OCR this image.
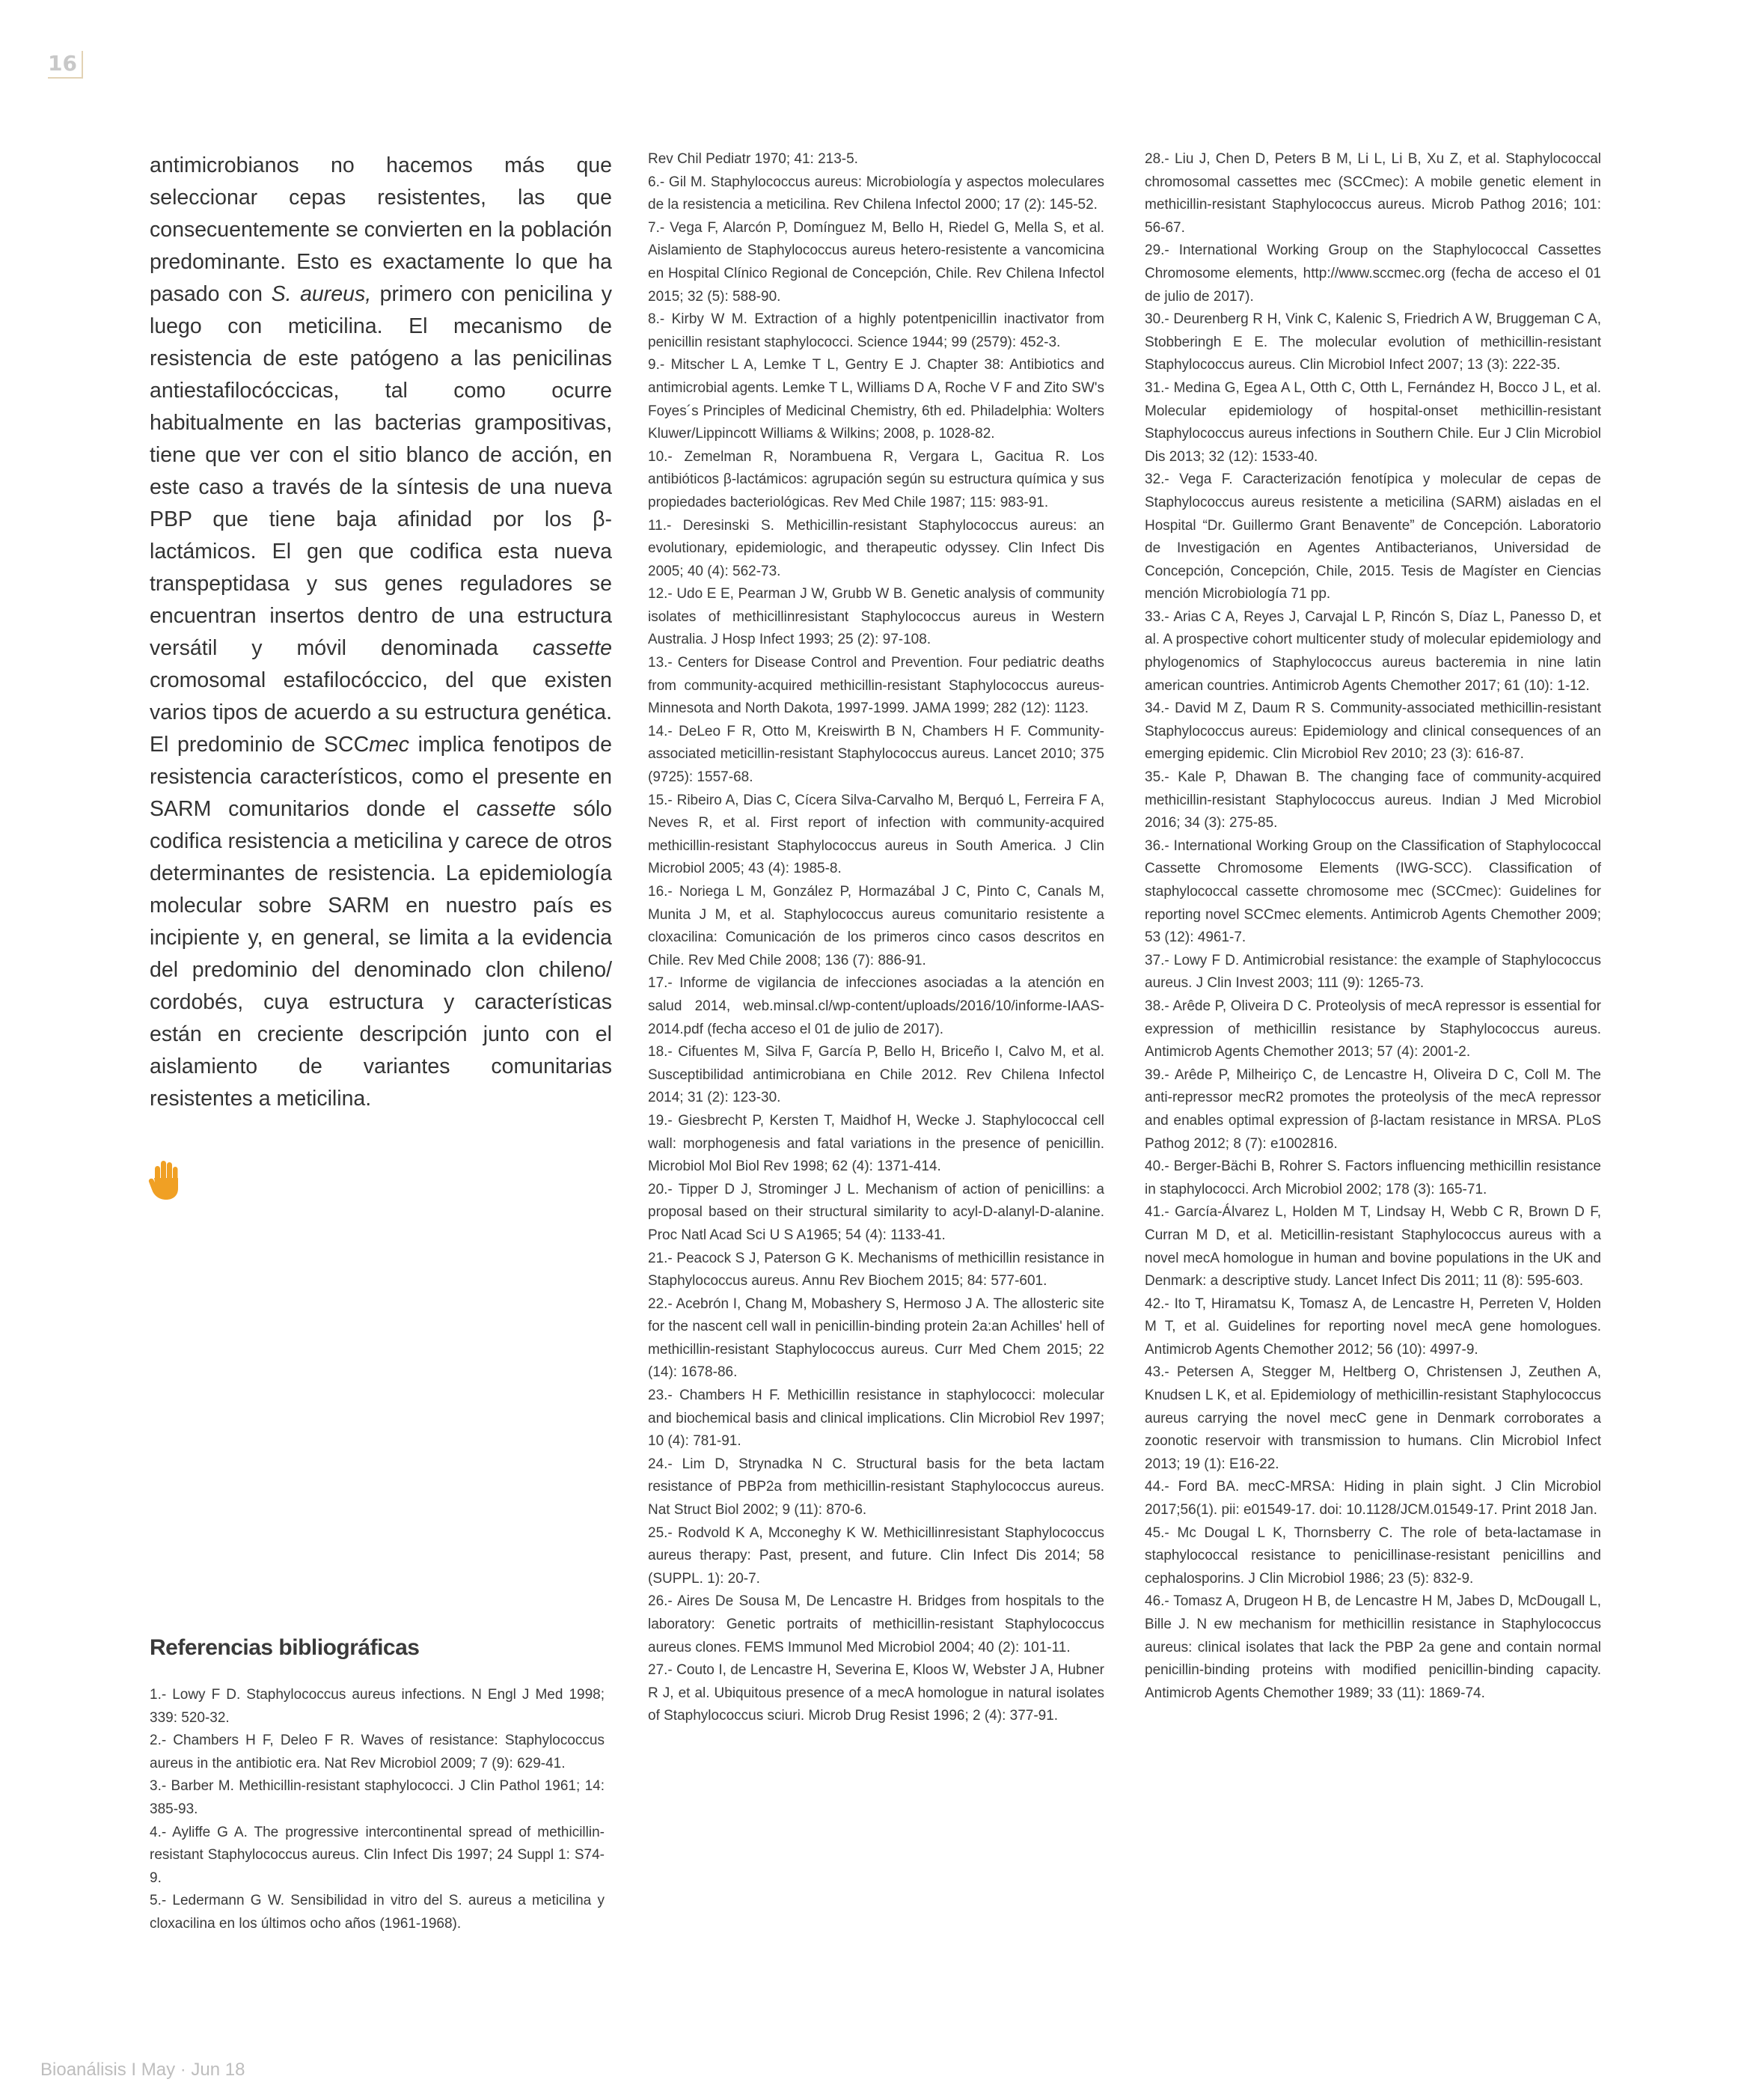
16

antimicrobianos no hacemos más que seleccionar cepas resistentes, las que consecuentemente se convierten en la población predominante. Esto es exactamente lo que ha pasado con S. aureus, primero con penicilina y luego con meticilina. El mecanismo de resistencia de este patógeno a las penicilinas antiestafilocóccicas, tal como ocurre habitualmente en las bacterias grampositivas, tiene que ver con el sitio blanco de acción, en este caso a través de la síntesis de una nueva PBP que tiene baja afinidad por los β-lactámicos. El gen que codifica esta nueva transpeptidasa y sus genes reguladores se encuentran insertos dentro de una estructura versátil y móvil denominada cassette cromosomal estafilocóccico, del que existen varios tipos de acuerdo a su estructura genética. El predominio de SCCmec implica fenotipos de resistencia característicos, como el presente en SARM comunitarios donde el cassette sólo codifica resistencia a meticilina y carece de otros determinantes de resistencia. La epidemiología molecular sobre SARM en nuestro país es incipiente y, en general, se limita a la evidencia del predominio del denominado clon chileno/ cordobés, cuya estructura y características están en creciente descripción junto con el aislamiento de variantes comunitarias resistentes a meticilina.

Referencias bibliográficas

1.- Lowy F D. Staphylococcus aureus infections. N Engl J Med 1998; 339: 520-32.

2.- Chambers H F, Deleo F R. Waves of resistance: Staphylococcus aureus in the antibiotic era. Nat Rev Microbiol 2009; 7 (9): 629-41.

3.- Barber M. Methicillin-resistant staphylococci. J Clin Pathol 1961; 14: 385-93.

4.- Ayliffe G A. The progressive intercontinental spread of methicillin-resistant Staphylococcus aureus. Clin Infect Dis 1997; 24 Suppl 1: S74-9.

5.- Ledermann G W. Sensibilidad in vitro del S. aureus a meticilina y cloxacilina en los últimos ocho años (1961-1968).

Rev Chil Pediatr 1970; 41: 213-5.

6.- Gil M. Staphylococcus aureus: Microbiología y aspectos moleculares de la resistencia a meticilina. Rev Chilena Infectol 2000; 17 (2): 145-52.

7.- Vega F, Alarcón P, Domínguez M, Bello H, Riedel G, Mella S, et al. Aislamiento de Staphylococcus aureus hetero-resistente a vancomicina en Hospital Clínico Regional de Concepción, Chile. Rev Chilena Infectol 2015; 32 (5): 588-90.

8.- Kirby W M. Extraction of a highly potentpenicillin inactivator from penicillin resistant staphylococci. Science 1944; 99 (2579): 452-3.

9.- Mitscher L A, Lemke T L, Gentry E J. Chapter 38: Antibiotics and antimicrobial agents. Lemke T L, Williams D A, Roche V F and Zito SW's Foyes´s Principles of Medicinal Chemistry, 6th ed. Philadelphia: Wolters Kluwer/Lippincott Williams & Wilkins; 2008, p. 1028-82.

10.- Zemelman R, Norambuena R, Vergara L, Gacitua R. Los antibióticos β-lactámicos: agrupación según su estructura química y sus propiedades bacteriológicas. Rev Med Chile 1987; 115: 983-91.

11.- Deresinski S. Methicillin-resistant Staphylococcus aureus: an evolutionary, epidemiologic, and therapeutic odyssey. Clin Infect Dis 2005; 40 (4): 562-73.

12.- Udo E E, Pearman J W, Grubb W B. Genetic analysis of community isolates of methicillinresistant Staphylococcus aureus in Western Australia. J Hosp Infect 1993; 25 (2): 97-108.

13.- Centers for Disease Control and Prevention. Four pediatric deaths from community-acquired methicillin-resistant Staphylococcus aureus-Minnesota and North Dakota, 1997-1999. JAMA 1999; 282 (12): 1123.

14.- DeLeo F R, Otto M, Kreiswirth B N, Chambers H F. Community-associated meticillin-resistant Staphylococcus aureus. Lancet 2010; 375 (9725): 1557-68.

15.- Ribeiro A, Dias C, Cícera Silva-Carvalho M, Berquó L, Ferreira F A, Neves R, et al. First report of infection with community-acquired methicillin-resistant Staphylococcus aureus in South America. J Clin Microbiol 2005; 43 (4): 1985-8.

16.- Noriega L M, González P, Hormazábal J C, Pinto C, Canals M, Munita J M, et al. Staphylococcus aureus comunitario resistente a cloxacilina: Comunicación de los primeros cinco casos descritos en Chile. Rev Med Chile 2008; 136 (7): 886-91.

17.- Informe de vigilancia de infecciones asociadas a la atención en salud 2014, web.minsal.cl/wp-content/uploads/2016/10/informe-IAAS-2014.pdf (fecha acceso el 01 de julio de 2017).

18.- Cifuentes M, Silva F, García P, Bello H, Briceño I, Calvo M, et al. Susceptibilidad antimicrobiana en Chile 2012. Rev Chilena Infectol 2014; 31 (2): 123-30.

19.- Giesbrecht P, Kersten T, Maidhof H, Wecke J. Staphylococcal cell wall: morphogenesis and fatal variations in the presence of penicillin. Microbiol Mol Biol Rev 1998; 62 (4): 1371-414.

20.- Tipper D J, Strominger J L. Mechanism of action of penicillins: a proposal based on their structural similarity to acyl-D-alanyl-D-alanine. Proc Natl Acad Sci U S A1965; 54 (4): 1133-41.

21.- Peacock S J, Paterson G K. Mechanisms of methicillin resistance in Staphylococcus aureus. Annu Rev Biochem 2015; 84: 577-601.

22.- Acebrón I, Chang M, Mobashery S, Hermoso J A. The allosteric site for the nascent cell wall in penicillin-binding protein 2a:an Achilles' hell of methicillin-resistant Staphylococcus aureus. Curr Med Chem 2015; 22 (14): 1678-86.

23.- Chambers H F. Methicillin resistance in staphylococci: molecular and biochemical basis and clinical implications. Clin Microbiol Rev 1997; 10 (4): 781-91.

24.- Lim D, Strynadka N C. Structural basis for the beta lactam resistance of PBP2a from methicillin-resistant Staphylococcus aureus. Nat Struct Biol 2002; 9 (11): 870-6.

25.- Rodvold K A, Mcconeghy K W. Methicillinresistant Staphylococcus aureus therapy: Past, present, and future. Clin Infect Dis 2014; 58 (SUPPL. 1): 20-7.

26.- Aires De Sousa M, De Lencastre H. Bridges from hospitals to the laboratory: Genetic portraits of methicillin-resistant Staphylococcus aureus clones. FEMS Immunol Med Microbiol 2004; 40 (2): 101-11.

27.- Couto I, de Lencastre H, Severina E, Kloos W, Webster J A, Hubner R J, et al. Ubiquitous presence of a mecA homologue in natural isolates of Staphylococcus sciuri. Microb Drug Resist 1996; 2 (4): 377-91.

28.- Liu J, Chen D, Peters B M, Li L, Li B, Xu Z, et al. Staphylococcal chromosomal cassettes mec (SCCmec): A mobile genetic element in methicillin-resistant Staphylococcus aureus. Microb Pathog 2016; 101: 56-67.

29.- International Working Group on the Staphylococcal Cassettes Chromosome elements, http://www.sccmec.org (fecha de acceso el 01 de julio de 2017).

30.- Deurenberg R H, Vink C, Kalenic S, Friedrich A W, Bruggeman C A, Stobberingh E E. The molecular evolution of methicillin-resistant Staphylococcus aureus. Clin Microbiol Infect 2007; 13 (3): 222-35.

31.- Medina G, Egea A L, Otth C, Otth L, Fernández H, Bocco J L, et al. Molecular epidemiology of hospital-onset methicillin-resistant Staphylococcus aureus infections in Southern Chile. Eur J Clin Microbiol Dis 2013; 32 (12): 1533-40.

32.- Vega F. Caracterización fenotípica y molecular de cepas de Staphylococcus aureus resistente a meticilina (SARM) aisladas en el Hospital “Dr. Guillermo Grant Benavente” de Concepción. Laboratorio de Investigación en Agentes Antibacterianos, Universidad de Concepción, Concepción, Chile, 2015. Tesis de Magíster en Ciencias mención Microbiología 71 pp.

33.- Arias C A, Reyes J, Carvajal L P, Rincón S, Díaz L, Panesso D, et al. A prospective cohort multicenter study of molecular epidemiology and phylogenomics of Staphylococcus aureus bacteremia in nine latin american countries. Antimicrob Agents Chemother 2017; 61 (10): 1-12.

34.- David M Z, Daum R S. Community-associated methicillin-resistant Staphylococcus aureus: Epidemiology and clinical consequences of an emerging epidemic. Clin Microbiol Rev 2010; 23 (3): 616-87.

35.- Kale P, Dhawan B. The changing face of community-acquired methicillin-resistant Staphylococcus aureus. Indian J Med Microbiol 2016; 34 (3): 275-85.

36.- International Working Group on the Classification of Staphylococcal Cassette Chromosome Elements (IWG-SCC). Classification of staphylococcal cassette chromosome mec (SCCmec): Guidelines for reporting novel SCCmec elements. Antimicrob Agents Chemother 2009; 53 (12): 4961-7.

37.- Lowy F D. Antimicrobial resistance: the example of Staphylococcus aureus. J Clin Invest 2003; 111 (9): 1265-73.

38.- Arêde P, Oliveira D C. Proteolysis of mecA repressor is essential for expression of methicillin resistance by Staphylococcus aureus. Antimicrob Agents Chemother 2013; 57 (4): 2001-2.

39.- Arêde P, Milheiriço C, de Lencastre H, Oliveira D C, Coll M. The anti-repressor mecR2 promotes the proteolysis of the mecA repressor and enables optimal expression of β-lactam resistance in MRSA. PLoS Pathog 2012; 8 (7): e1002816.

40.- Berger-Bächi B, Rohrer S. Factors influencing methicillin resistance in staphylococci. Arch Microbiol 2002; 178 (3): 165-71.

41.- García-Álvarez L, Holden M T, Lindsay H, Webb C R, Brown D F, Curran M D, et al. Meticillin-resistant Staphylococcus aureus with a novel mecA homologue in human and bovine populations in the UK and Denmark: a descriptive study. Lancet Infect Dis 2011; 11 (8): 595-603.

42.- Ito T, Hiramatsu K, Tomasz A, de Lencastre H, Perreten V, Holden M T, et al. Guidelines for reporting novel mecA gene homologues. Antimicrob Agents Chemother 2012; 56 (10): 4997-9.

43.- Petersen A, Stegger M, Heltberg O, Christensen J, Zeuthen A, Knudsen L K, et al. Epidemiology of methicillin-resistant Staphylococcus aureus carrying the novel mecC gene in Denmark corroborates a zoonotic reservoir with transmission to humans. Clin Microbiol Infect 2013; 19 (1): E16-22.

44.- Ford BA. mecC-MRSA: Hiding in plain sight. J Clin Microbiol 2017;56(1). pii: e01549-17. doi: 10.1128/JCM.01549-17. Print 2018 Jan.

45.- Mc Dougal L K, Thornsberry C. The role of beta-lactamase in staphylococcal resistance to penicillinase-resistant penicillins and cephalosporins. J Clin Microbiol 1986; 23 (5): 832-9.

46.- Tomasz A, Drugeon H B, de Lencastre H M, Jabes D, McDougall L, Bille J. N ew mechanism for methicillin resistance in Staphylococcus aureus: clinical isolates that lack the PBP 2a gene and contain normal penicillin-binding proteins with modified penicillin-binding capacity. Antimicrob Agents Chemother 1989; 33 (11): 1869-74.

Bioanálisis I May · Jun 18
